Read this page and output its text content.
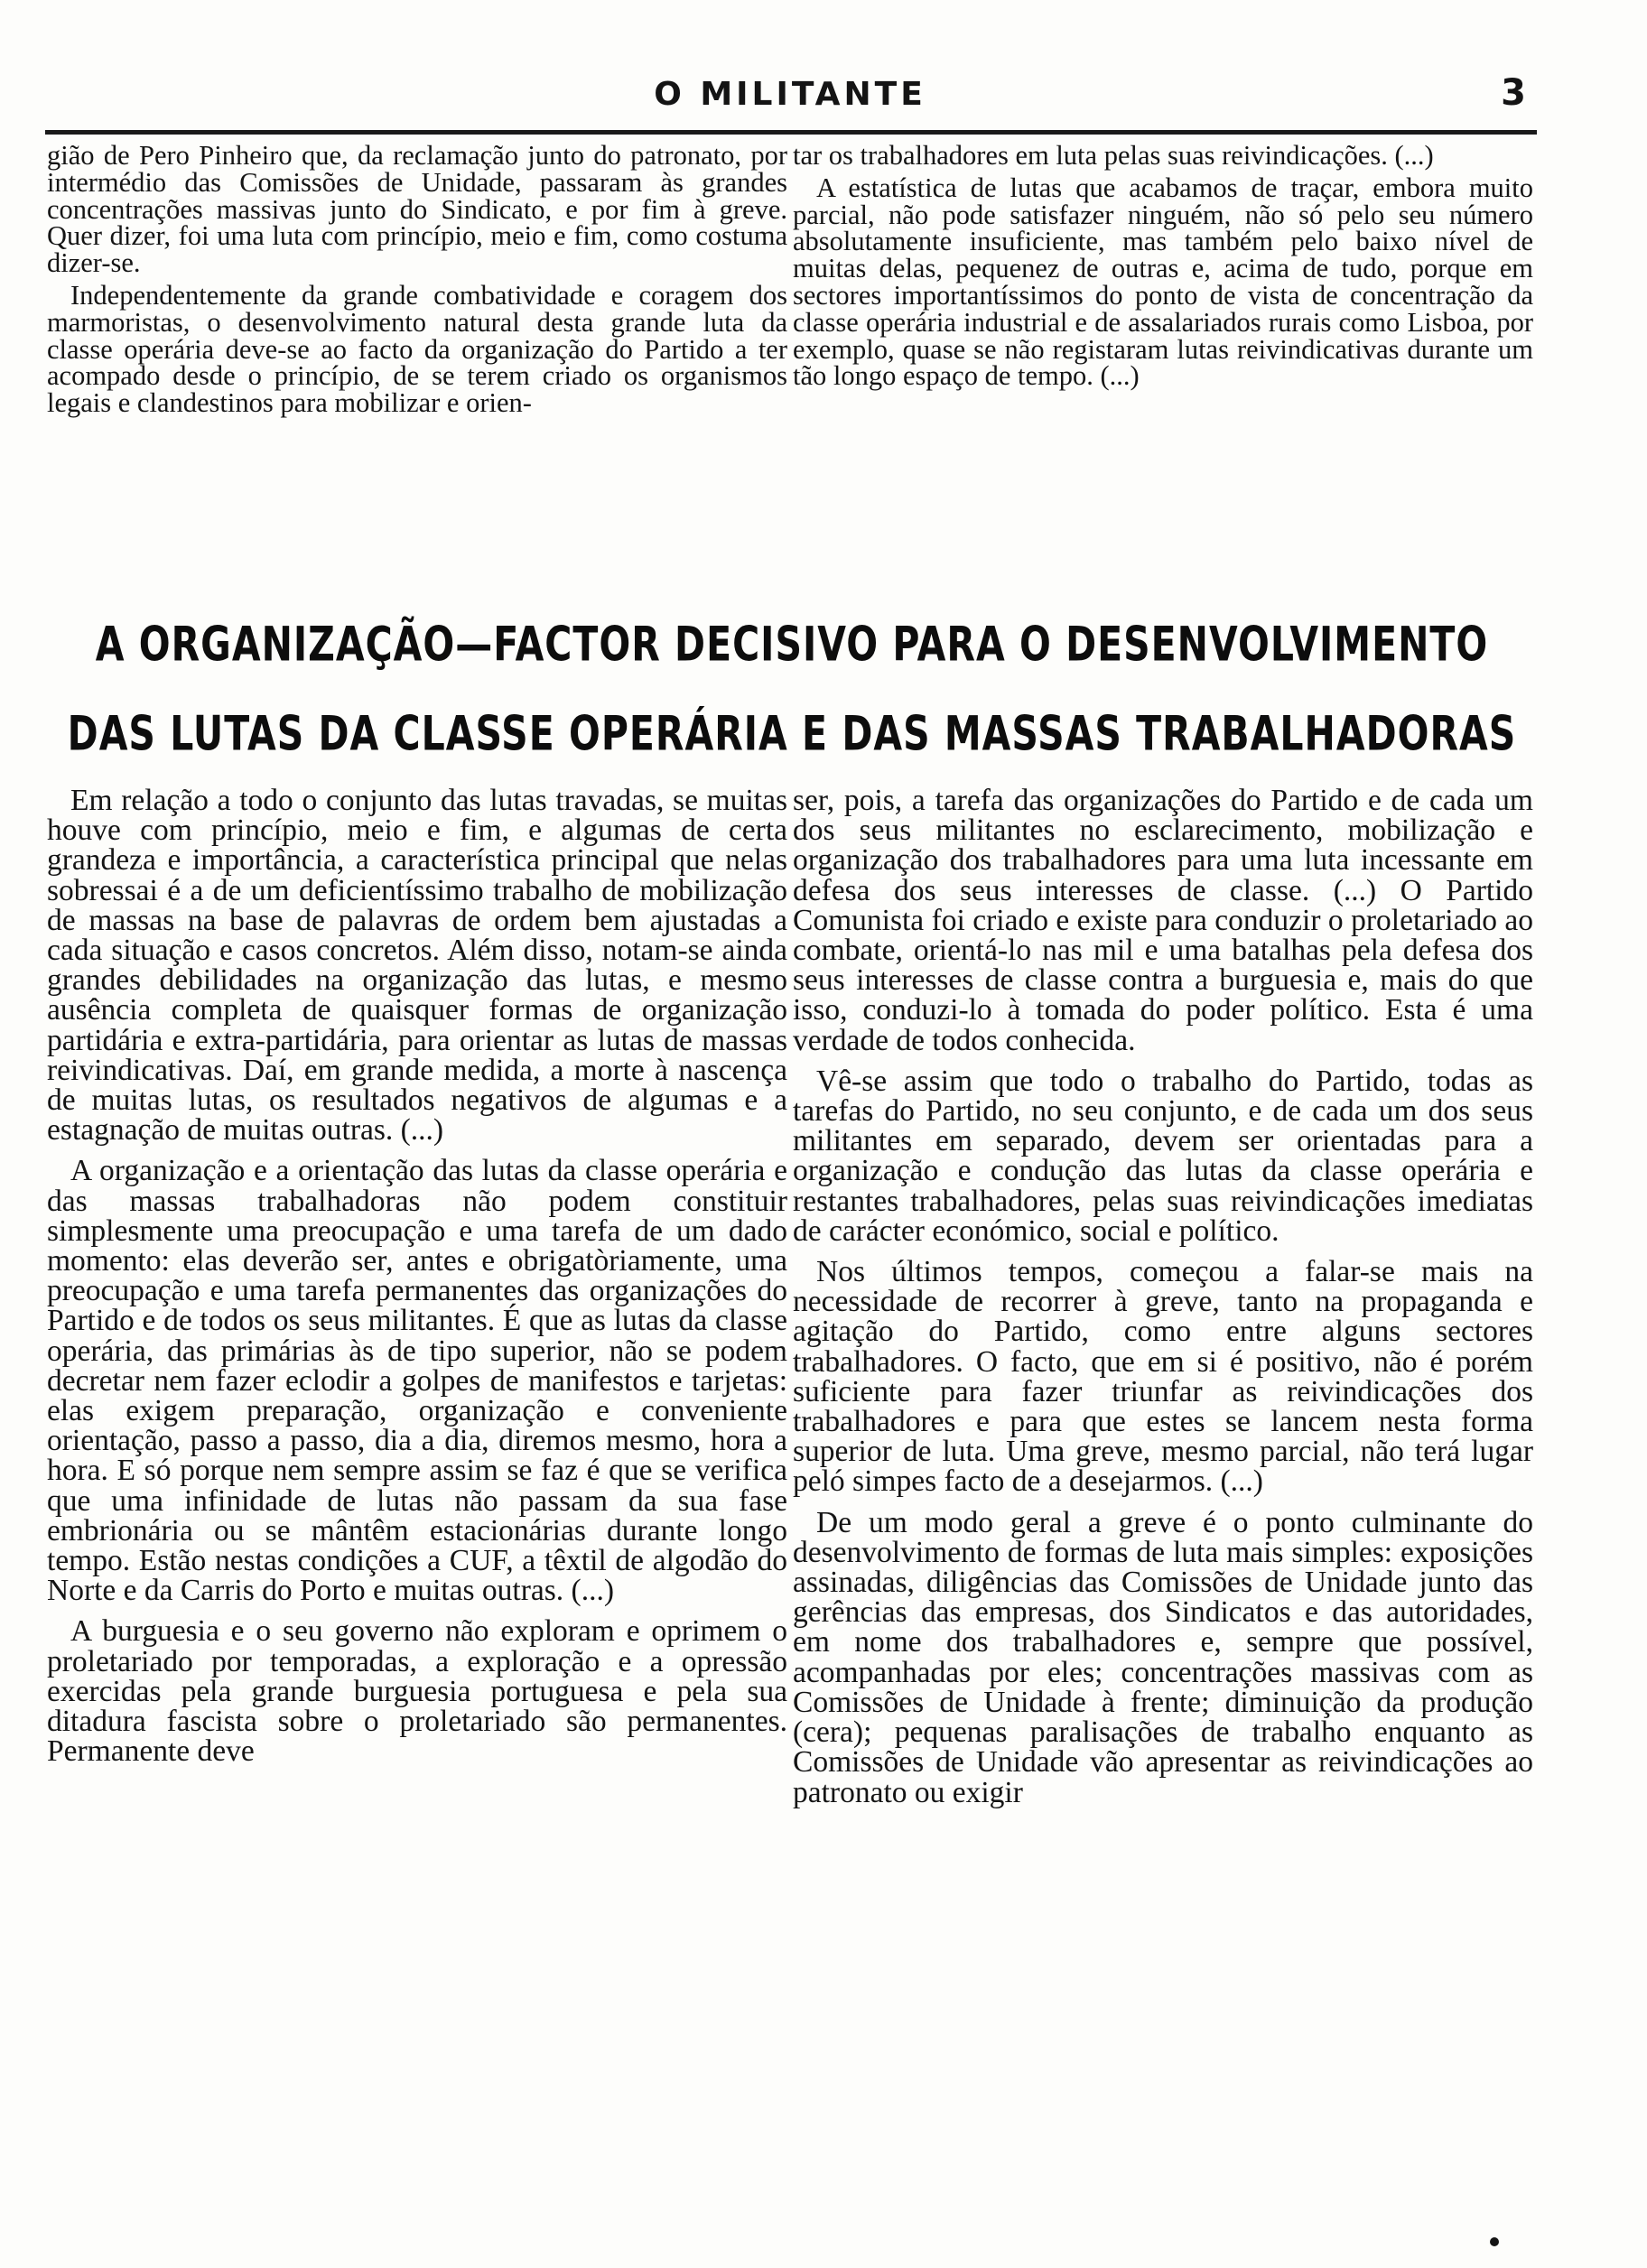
O MILITANTE	3

gião de Pero Pinheiro que, da reclamação junto do patronato, por intermédio das Comissões de Unidade, passaram às grandes concentrações massivas junto do Sindicato, e por fim à greve. Quer dizer, foi uma luta com princípio, meio e fim, como costuma dizer-se.

Independentemente da grande combatividade e coragem dos marmoristas, o desenvolvimento natural desta grande luta da classe operária deve-se ao facto da organização do Partido a ter acompado desde o princípio, de se terem criado os organismos legais e clandestinos para mobilizar e orien-

tar os trabalhadores em luta pelas suas reivindicações. (...)

A estatística de lutas que acabamos de traçar, embora muito parcial, não pode satisfazer ninguém, não só pelo seu número absolutamente insuficiente, mas também pelo baixo nível de muitas delas, pequenez de outras e, acima de tudo, porque em sectores importantíssimos do ponto de vista de concentração da classe operária industrial e de assalariados rurais como Lisboa, por exemplo, quase se não registaram lutas reivindicativas durante um tão longo espaço de tempo. (...)

A ORGANIZAÇÃO—FACTOR DECISIVO PARA O DESENVOLVIMENTO
DAS LUTAS DA CLASSE OPERÁRIA E DAS MASSAS TRABALHADORAS

Em relação a todo o conjunto das lutas travadas, se muitas houve com princípio, meio e fim, e algumas de certa grandeza e importância, a característica principal que nelas sobressai é a de um deficientíssimo trabalho de mobilização de massas na base de palavras de ordem bem ajustadas a cada situação e casos concretos. Além disso, notam-se ainda grandes debilidades na organização das lutas, e mesmo ausência completa de quaisquer formas de organização partidária e extra-partidária, para orientar as lutas de massas reivindicativas. Daí, em grande medida, a morte à nascença de muitas lutas, os resultados negativos de algumas e a estagnação de muitas outras. (...)

A organização e a orientação das lutas da classe operária e das massas trabalhadoras não podem constituir simplesmente uma preocupação e uma tarefa de um dado momento: elas deverão ser, antes e obrigatòriamente, uma preocupação e uma tarefa permanentes das organizações do Partido e de todos os seus militantes. É que as lutas da classe operária, das primárias às de tipo superior, não se podem decretar nem fazer eclodir a golpes de manifestos e tarjetas: elas exigem preparação, organização e conveniente orientação, passo a passo, dia a dia, diremos mesmo, hora a hora. E só porque nem sempre assim se faz é que se verifica que uma infinidade de lutas não passam da sua fase embrionária ou se mântêm estacionárias durante longo tempo. Estão nestas condições a CUF, a têxtil de algodão do Norte e da Carris do Porto e muitas outras. (...)

A burguesia e o seu governo não exploram e oprimem o proletariado por temporadas, a exploração e a opressão exercidas pela grande burguesia portuguesa e pela sua ditadura fascista sobre o proletariado são permanentes. Permanente deve

ser, pois, a tarefa das organizações do Partido e de cada um dos seus militantes no esclarecimento, mobilização e organização dos trabalhadores para uma luta incessante em defesa dos seus interesses de classe. (...) O Partido Comunista foi criado e existe para conduzir o proletariado ao combate, orientá-lo nas mil e uma batalhas pela defesa dos seus interesses de classe contra a burguesia e, mais do que isso, conduzi-lo à tomada do poder político. Esta é uma verdade de todos conhecida.

Vê-se assim que todo o trabalho do Partido, todas as tarefas do Partido, no seu conjunto, e de cada um dos seus militantes em separado, devem ser orientadas para a organização e condução das lutas da classe operária e restantes trabalhadores, pelas suas reivindicações imediatas de carácter económico, social e político.

Nos últimos tempos, começou a falar-se mais na necessidade de recorrer à greve, tanto na propaganda e agitação do Partido, como entre alguns sectores trabalhadores. O facto, que em si é positivo, não é porém suficiente para fazer triunfar as reivindicações dos trabalhadores e para que estes se lancem nesta forma superior de luta. Uma greve, mesmo parcial, não terá lugar peló simpes facto de a desejarmos. (...)

De um modo geral a greve é o ponto culminante do desenvolvimento de formas de luta mais simples: exposições assinadas, diligências das Comissões de Unidade junto das gerências das empresas, dos Sindicatos e das autoridades, em nome dos trabalhadores e, sempre que possível, acompanhadas por eles; concentrações massivas com as Comissões de Unidade à frente; diminuição da produção (cera); pequenas paralisações de trabalho enquanto as Comissões de Unidade vão apresentar as reivindicações ao patronato ou exigir
